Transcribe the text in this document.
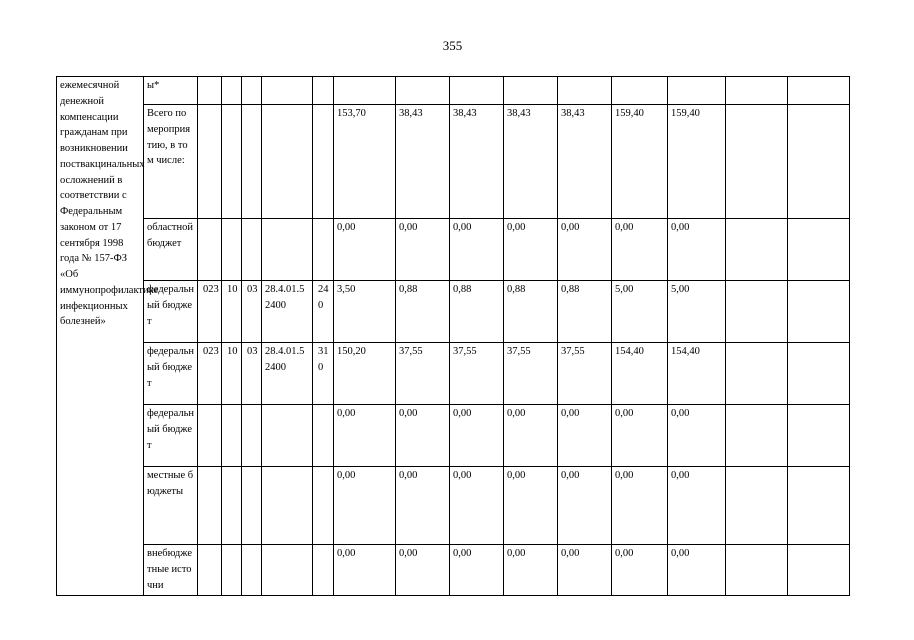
355
ежемесячной денежной компенсации гражданам при возникновении поствакцинальных осложнений в соответствии с Федеральным законом от 17 сентября 1998 года № 157-ФЗ «Об иммунопрофилактике инфекционных болезней»	ы*														
	Всего по мероприятию, в том числе:						153,70	38,43	38,43	38,43	38,43	159,40	159,40		
	областной бюджет						0,00	0,00	0,00	0,00	0,00	0,00	0,00		
	федеральный бюджет	023	10	03	28.4.01.52400	240	3,50	0,88	0,88	0,88	0,88	5,00	5,00		
	федеральный бюджет	023	10	03	28.4.01.52400	310	150,20	37,55	37,55	37,55	37,55	154,40	154,40		
	федеральный бюджет						0,00	0,00	0,00	0,00	0,00	0,00	0,00		
	местные бюджеты						0,00	0,00	0,00	0,00	0,00	0,00	0,00		
	внебюджетные источни						0,00	0,00	0,00	0,00	0,00	0,00	0,00		
